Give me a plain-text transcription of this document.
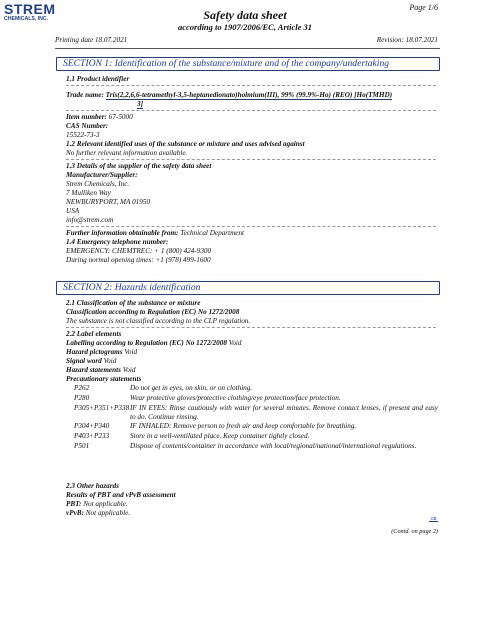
STREM
CHEMICALS, INC.
Page 1/6
Safety data sheet
according to 1907/2006/EC, Article 31
Printing date 18.07.2021	Revision: 18.07.2021
SECTION 1: Identification of the substance/mixture and of the company/undertaking
1.1 Product identifier
Trade name: Tris(2,2,6,6-tetramethyl-3,5-heptanedionato)holmium(III), 99% (99.9%-Ho) (REO) [Ho(TMHD)
3]
Item number: 67-5000
CAS Number:
15522-73-3
1.2 Relevant identified uses of the substance or mixture and uses advised against
No further relevant information available.
1.3 Details of the supplier of the safety data sheet
Manufacturer/Supplier:
Strem Chemicals, Inc.
7 Mulliken Way
NEWBURYPORT, MA 01950
USA
info@strem.com
Further information obtainable from: Technical Department
1.4 Emergency telephone number:
EMERGENCY: CHEMTREC: + 1 (800) 424-9300
During normal opening times: +1 (978) 499-1600
SECTION 2: Hazards identification
2.1 Classification of the substance or mixture
Classification according to Regulation (EC) No 1272/2008
The substance is not classified according to the CLP regulation.
2.2 Label elements
Labelling according to Regulation (EC) No 1272/2008 Void
Hazard pictograms Void
Signal word Void
Hazard statements Void
Precautionary statements
P262	Do not get in eyes, on skin, or on clothing.
P280	Wear protective gloves/protective clothing/eye protection/face protection.
P305+P351+P338 IF IN EYES: Rinse cautiously with water for several minutes. Remove contact lenses, if present and easy to do. Continue rinsing.
P304+P340	IF INHALED: Remove person to fresh air and keep comfortable for breathing.
P403+P233	Store in a well-ventilated place. Keep container tightly closed.
P501	Dispose of contents/container in accordance with local/regional/national/international regulations.
2.3 Other hazards
Results of PBT and vPvB assessment
PBT: Not applicable.
vPvB: Not applicable.
GB
(Contd. on page 2)
